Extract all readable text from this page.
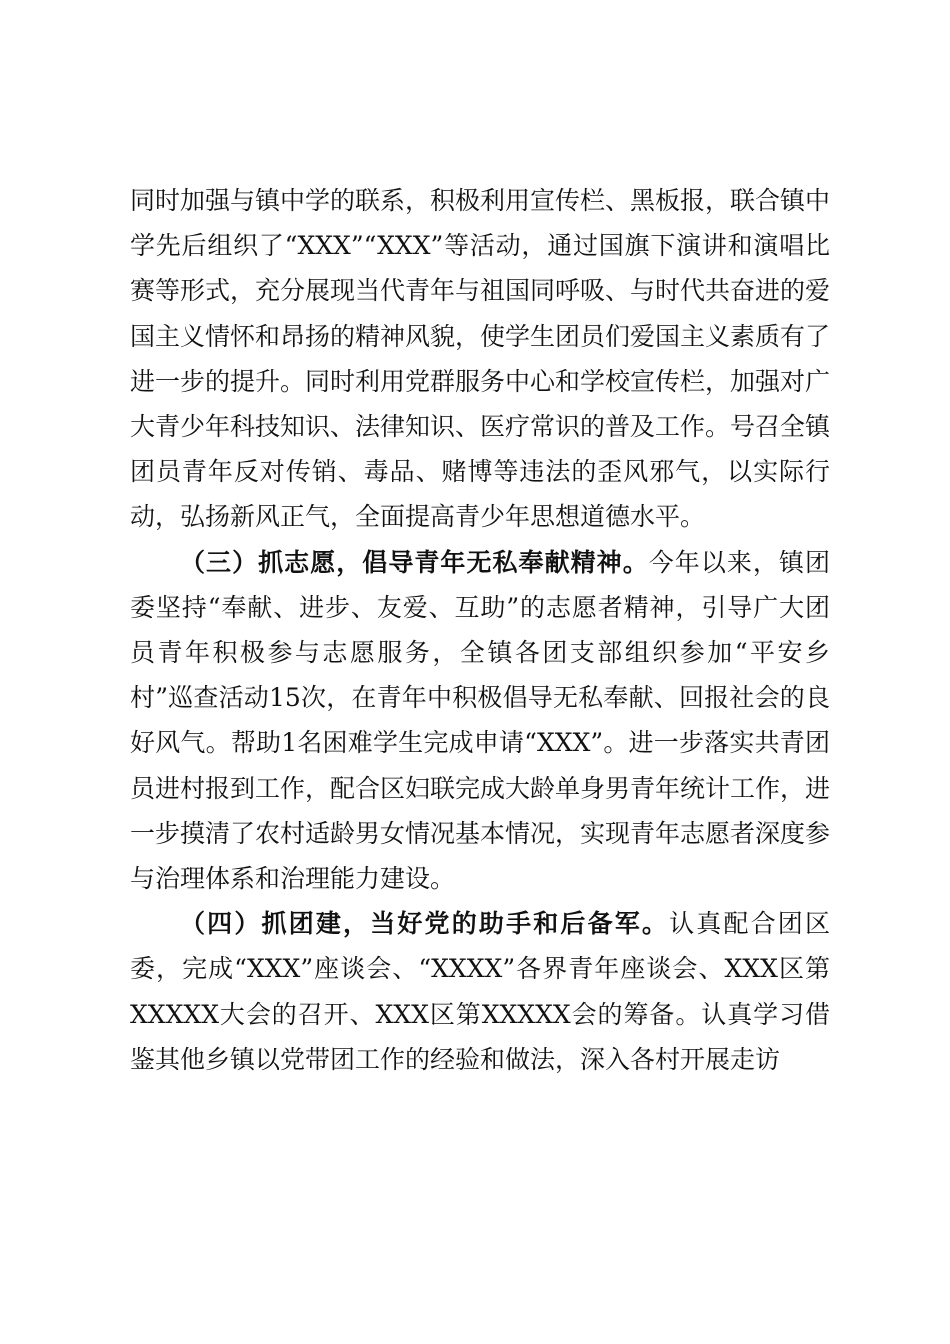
同时加强与镇中学的联系，积极利用宣传栏、黑板报，联合镇中学先后组织了“XXX”“XXX”等活动，通过国旗下演讲和演唱比赛等形式，充分展现当代青年与祖国同呼吸、与时代共奋进的爱国主义情怀和昂扬的精神风貌，使学生团员们爱国主义素质有了进一步的提升。同时利用党群服务中心和学校宣传栏，加强对广大青少年科技知识、法律知识、医疗常识的普及工作。号召全镇团员青年反对传销、毒品、赌博等违法的歪风邪气，以实际行动，弘扬新风正气，全面提高青少年思想道德水平。

（三）抓志愿，倡导青年无私奉献精神。今年以来，镇团委坚持“奉献、进步、友爱、互助”的志愿者精神，引导广大团员青年积极参与志愿服务，全镇各团支部组织参加“平安乡村”巡查活动15次，在青年中积极倡导无私奉献、回报社会的良好风气。帮助1名困难学生完成申请“XXX”。进一步落实共青团员进村报到工作，配合区妇联完成大龄单身男青年统计工作，进一步摸清了农村适龄男女情况基本情况，实现青年志愿者深度参与治理体系和治理能力建设。

（四）抓团建，当好党的助手和后备军。认真配合团区委，完成“XXX”座谈会、“XXXX”各界青年座谈会、XXX区第XXXXX大会的召开、XXX区第XXXXX会的筹备。认真学习借鉴其他乡镇以党带团工作的经验和做法，深入各村开展走访
